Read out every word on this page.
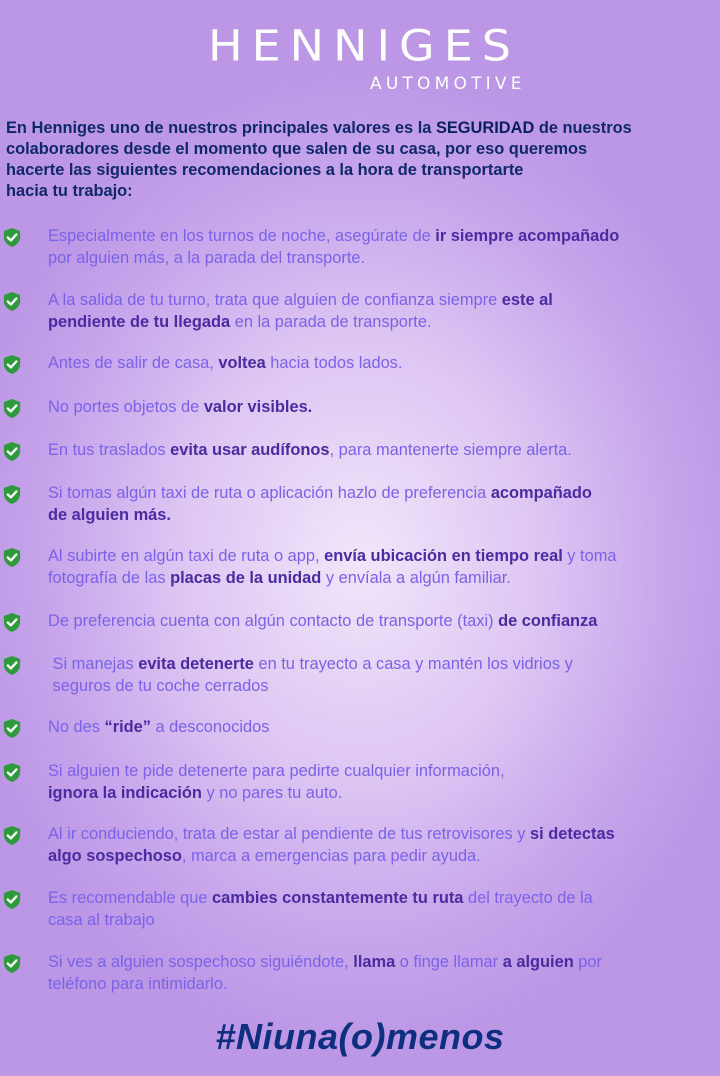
HENNIGES
AUTOMOTIVE

En Henniges uno de nuestros principales valores es la SEGURIDAD de nuestros
colaboradores desde el momento que salen de su casa, por eso queremos
hacerte las siguientes recomendaciones a la hora de transportarte
hacia tu trabajo:

Especialmente en los turnos de noche, asegúrate de ir siempre acompañado
por alguien más, a la parada del transporte.

A la salida de tu turno, trata que alguien de confianza siempre este al
pendiente de tu llegada en la parada de transporte.

Antes de salir de casa, voltea hacia todos lados.

No portes objetos de valor visibles.

En tus traslados evita usar audífonos, para mantenerte siempre alerta.

Si tomas algún taxi de ruta o aplicación hazlo de preferencia acompañado
de alguien más.

Al subirte en algún taxi de ruta o app, envía ubicación en tiempo real y toma
fotografía de las placas de la unidad y envíala a algún familiar.

De preferencia cuenta con algún contacto de transporte (taxi) de confianza

Si manejas evita detenerte en tu trayecto a casa y mantén los vidrios y
seguros de tu coche cerrados

No des “ride” a desconocidos

Si alguien te pide detenerte para pedirte cualquier información,
ignora la indicación y no pares tu auto.

Al ir conduciendo, trata de estar al pendiente de tus retrovisores y si detectas
algo sospechoso, marca a emergencias para pedir ayuda.

Es recomendable que cambies constantemente tu ruta del trayecto de la
casa al trabajo

Si ves a alguien sospechoso siguiéndote, llama o finge llamar a alguien por
teléfono para intimidarlo.

#Niuna(o)menos
